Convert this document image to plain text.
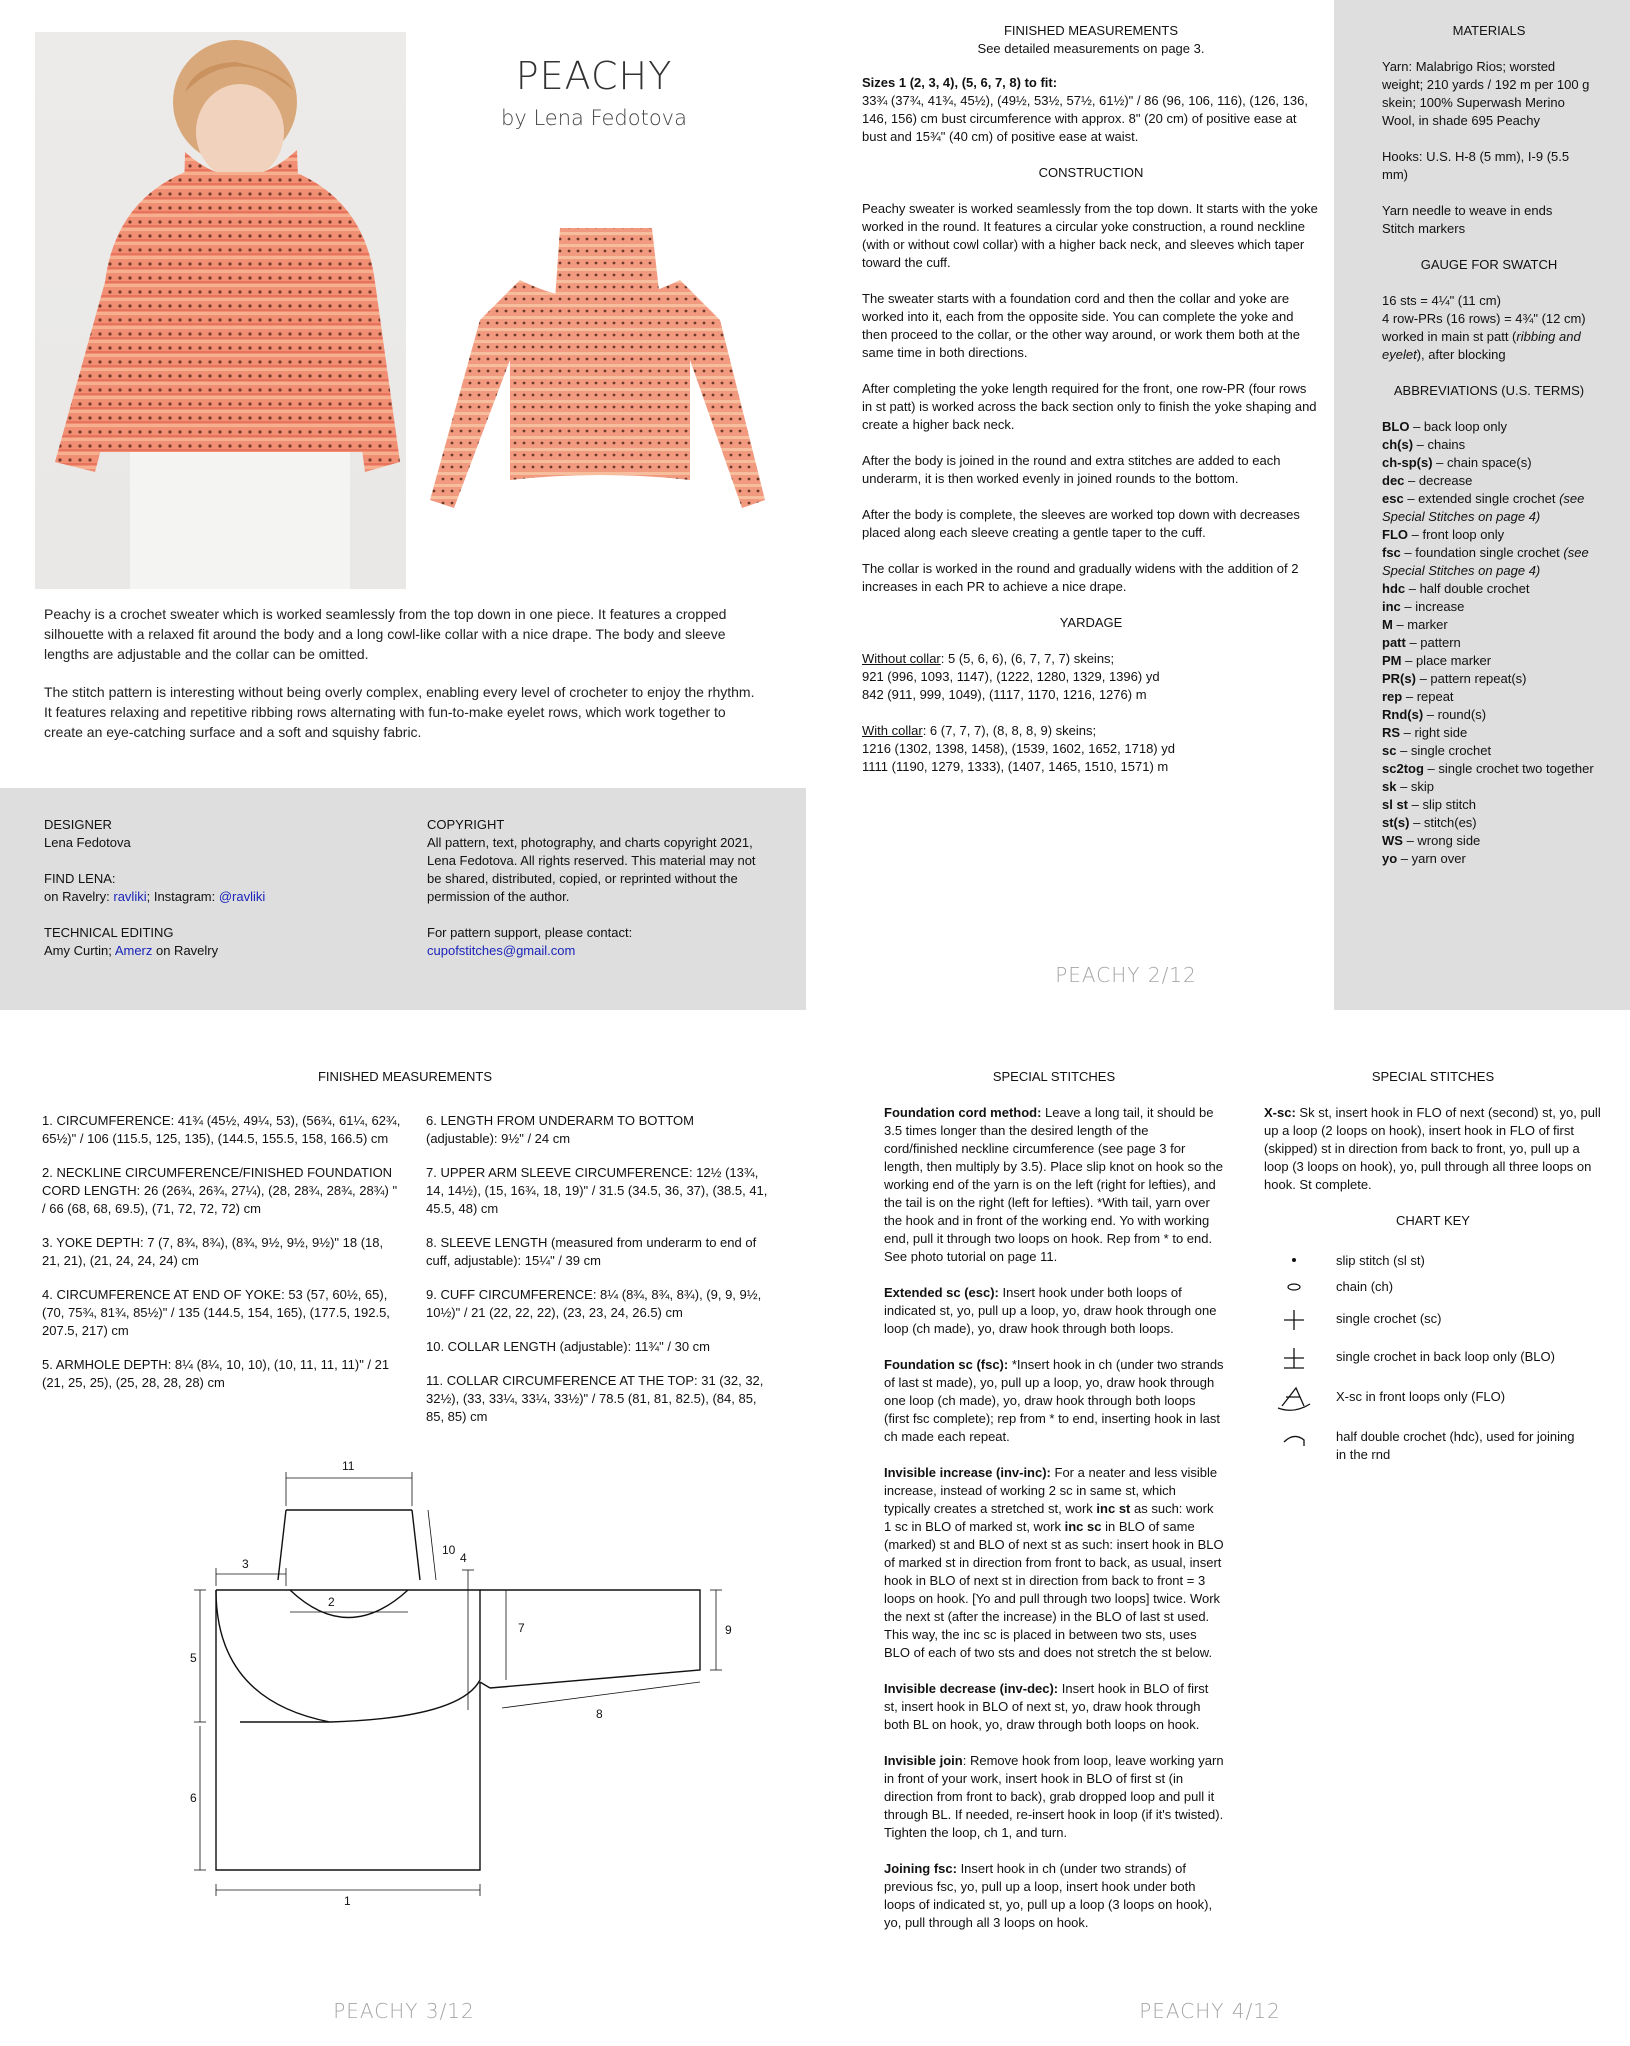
PEACHY
by Lena Fedotova

Peachy is a crochet sweater which is worked seamlessly from the top down in one piece. It features a cropped silhouette with a relaxed fit around the body and a long cowl-like collar with a nice drape. The body and sleeve lengths are adjustable and the collar can be omitted.

The stitch pattern is interesting without being overly complex, enabling every level of crocheter to enjoy the rhythm. It features relaxing and repetitive ribbing rows alternating with fun-to-make eyelet rows, which work together to create an eye-catching surface and a soft and squishy fabric.

DESIGNER
Lena Fedotova
FIND LENA:
on Ravelry: ravliki; Instagram: @ravliki
TECHNICAL EDITING
Amy Curtin; Amerz on Ravelry
COPYRIGHT

All pattern, text, photography, and charts copyright 2021, Lena Fedotova. All rights reserved. This material may not be shared, distributed, copied, or reprinted without the permission of the author.

For pattern support, please contact:
cupofstitches@gmail.com
FINISHED MEASUREMENTS
See detailed measurements on page 3.

Sizes 1 (2, 3, 4), (5, 6, 7, 8) to fit:

33¾ (37¾, 41¾, 45½), (49½, 53½, 57½, 61½)" / 86 (96, 106, 116), (126, 136, 146, 156) cm bust circumference with approx. 8" (20 cm) of positive ease at bust and 15¾" (40 cm) of positive ease at waist.

CONSTRUCTION

Peachy sweater is worked seamlessly from the top down. It starts with the yoke worked in the round. It features a circular yoke construction, a round neckline (with or without cowl collar) with a higher back neck, and sleeves which taper toward the cuff.

The sweater starts with a foundation cord and then the collar and yoke are worked into it, each from the opposite side. You can complete the yoke and then proceed to the collar, or the other way around, or work them both at the same time in both directions.

After completing the yoke length required for the front, one row-PR (four rows in st patt) is worked across the back section only to finish the yoke shaping and create a higher back neck.

After the body is joined in the round and extra stitches are added to each underarm, it is then worked evenly in joined rounds to the bottom.

After the body is complete, the sleeves are worked top down with decreases placed along each sleeve creating a gentle taper to the cuff.

The collar is worked in the round and gradually widens with the addition of 2 increases in each PR to achieve a nice drape.

YARDAGE

Without collar: 5 (5, 6, 6), (6, 7, 7, 7) skeins;

921 (996, 1093, 1147), (1222, 1280, 1329, 1396) yd

842 (911, 999, 1049), (1117, 1170, 1216, 1276) m

With collar: 6 (7, 7, 7), (8, 8, 8, 9) skeins;

1216 (1302, 1398, 1458), (1539, 1602, 1652, 1718) yd

1111 (1190, 1279, 1333), (1407, 1465, 1510, 1571) m

PEACHY 2/12
MATERIALS

Yarn: Malabrigo Rios; worsted weight; 210 yards / 192 m per 100 g skein; 100% Superwash Merino Wool, in shade 695 Peachy

Hooks: U.S. H-8 (5 mm), I-9 (5.5 mm)

Yarn needle to weave in ends
Stitch markers

GAUGE FOR SWATCH

16 sts = 4¼" (11 cm)

4 row-PRs (16 rows) = 4¾" (12 cm)

worked in main st patt (ribbing and eyelet), after blocking

ABBREVIATIONS (U.S. TERMS)

BLO – back loop only

ch(s) – chains

ch-sp(s) – chain space(s)

dec – decrease

esc – extended single crochet (see Special Stitches on page 4)

FLO – front loop only

fsc – foundation single crochet (see Special Stitches on page 4)

hdc – half double crochet

inc – increase

M – marker

patt – pattern

PM – place marker

PR(s) – pattern repeat(s)

rep – repeat

Rnd(s) – round(s)

RS – right side

sc – single crochet

sc2tog – single crochet two together

sk – skip

sl st – slip stitch

st(s) – stitch(es)

WS – wrong side

yo – yarn over

FINISHED MEASUREMENTS

1. CIRCUMFERENCE: 41¾ (45½, 49¼, 53), (56¾, 61¼, 62¾, 65½)" / 106 (115.5, 125, 135), (144.5, 155.5, 158, 166.5) cm

2. NECKLINE CIRCUMFERENCE/FINISHED FOUNDATION CORD LENGTH: 26 (26¾, 26¾, 27¼), (28, 28¾, 28¾, 28¾) " / 66 (68, 68, 69.5), (71, 72, 72, 72) cm

3. YOKE DEPTH: 7 (7, 8¾, 8¾), (8¾, 9½, 9½, 9½)" 18 (18, 21, 21), (21, 24, 24, 24) cm

4. CIRCUMFERENCE AT END OF YOKE: 53 (57, 60½, 65), (70, 75¾, 81¾, 85½)" / 135 (144.5, 154, 165), (177.5, 192.5, 207.5, 217) cm

5. ARMHOLE DEPTH: 8¼ (8¼, 10, 10), (10, 11, 11, 11)" / 21 (21, 25, 25), (25, 28, 28, 28) cm

6. LENGTH FROM UNDERARM TO BOTTOM (adjustable): 9½" / 24 cm

7. UPPER ARM SLEEVE CIRCUMFERENCE: 12½ (13¾, 14, 14½), (15, 16¾, 18, 19)" / 31.5 (34.5, 36, 37), (38.5, 41, 45.5, 48) cm

8. SLEEVE LENGTH (measured from underarm to end of cuff, adjustable): 15¼" / 39 cm

9. CUFF CIRCUMFERENCE: 8¼ (8¾, 8¾, 8¾), (9, 9, 9½, 10½)" / 21 (22, 22, 22), (23, 23, 24, 26.5) cm

10. COLLAR LENGTH (adjustable): 11¾" / 30 cm

11. COLLAR CIRCUMFERENCE AT THE TOP: 31 (32, 32, 32½), (33, 33¼, 33¼, 33½)" / 78.5 (81, 81, 82.5), (84, 85, 85, 85) cm

11
10
3	4
2
7	9
5
8
6
1
PEACHY 3/12
SPECIAL STITCHES

Foundation cord method: Leave a long tail, it should be 3.5 times longer than the desired length of the cord/finished neckline circumference (see page 3 for length, then multiply by 3.5). Place slip knot on hook so the working end of the yarn is on the left (right for lefties), and the tail is on the right (left for lefties). *With tail, yarn over the hook and in front of the working end. Yo with working end, pull it through two loops on hook. Rep from * to end. See photo tutorial on page 11.

Extended sc (esc): Insert hook under both loops of indicated st, yo, pull up a loop, yo, draw hook through one loop (ch made), yo, draw hook through both loops.

Foundation sc (fsc): *Insert hook in ch (under two strands of last st made), yo, pull up a loop, yo, draw hook through one loop (ch made), yo, draw hook through both loops (first fsc complete); rep from * to end, inserting hook in last ch made each repeat.

Invisible increase (inv-inc): For a neater and less visible increase, instead of working 2 sc in same st, which typically creates a stretched st, work inc st as such: work 1 sc in BLO of marked st, work inc sc in BLO of same (marked) st and BLO of next st as such: insert hook in BLO of marked st in direction from front to back, as usual, insert hook in BLO of next st in direction from back to front = 3 loops on hook. [Yo and pull through two loops] twice. Work the next st (after the increase) in the BLO of last st used. This way, the inc sc is placed in between two sts, uses BLO of each of two sts and does not stretch the st below.

Invisible decrease (inv-dec): Insert hook in BLO of first st, insert hook in BLO of next st, yo, draw hook through both BL on hook, yo, draw through both loops on hook.

Invisible join: Remove hook from loop, leave working yarn in front of your work, insert hook in BLO of first st (in direction from front to back), grab dropped loop and pull it through BL. If needed, re-insert hook in loop (if it's twisted). Tighten the loop, ch 1, and turn.

Joining fsc: Insert hook in ch (under two strands) of previous fsc, yo, pull up a loop, insert hook under both loops of indicated st, yo, pull up a loop (3 loops on hook), yo, pull through all 3 loops on hook.

SPECIAL STITCHES

X-sc: Sk st, insert hook in FLO of next (second) st, yo, pull up a loop (2 loops on hook), insert hook in FLO of first (skipped) st in direction from back to front, yo, pull up a loop (3 loops on hook), yo, pull through all three loops on hook. St complete.

CHART KEY
slip stitch (sl st)
chain (ch)
single crochet (sc)
single crochet in back loop only (BLO)
X-sc in front loops only (FLO)
half double crochet (hdc), used for joining in the rnd
PEACHY 4/12
